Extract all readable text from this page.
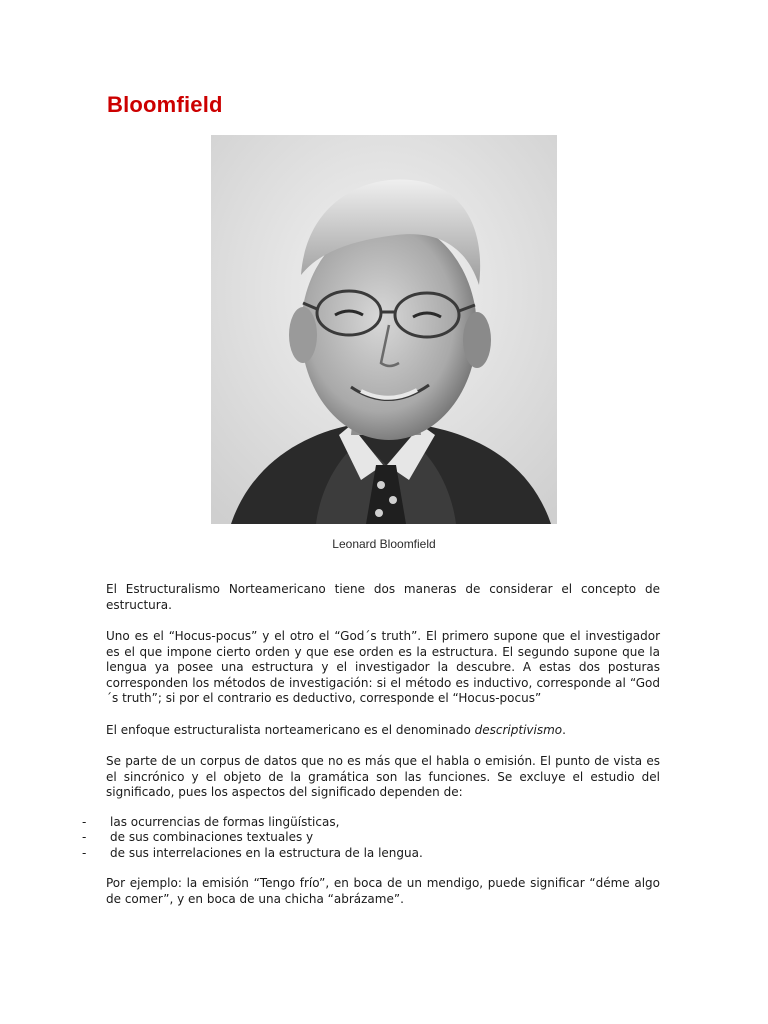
Bloomfield
Leonard Bloomfield

El Estructuralismo Norteamericano tiene dos maneras de considerar el concepto de estructura.

Uno es el “Hocus-pocus” y el otro el “God´s truth”. El primero supone que el investigador es el que impone cierto orden y que ese orden es la estructura. El segundo supone que la lengua ya posee una estructura y el investigador la descubre. A estas dos posturas corresponden los métodos de investigación: si el método es inductivo, corresponde al “God´s truth”; si por el contrario es deductivo, corresponde el “Hocus-pocus”

El enfoque estructuralista norteamericano es el denominado descriptivismo.

Se parte de un corpus de datos que no es más que el habla o emisión. El punto de vista es el sincrónico y el objeto de la gramática son las funciones. Se excluye el estudio del significado, pues los aspectos del significado dependen de:

- las ocurrencias de formas lingüísticas,
- de sus combinaciones textuales y
- de sus interrelaciones en la estructura de la lengua.

Por ejemplo: la emisión “Tengo frío”, en boca de un mendigo, puede significar “déme algo de comer”, y en boca de una chicha “abrázame”.
